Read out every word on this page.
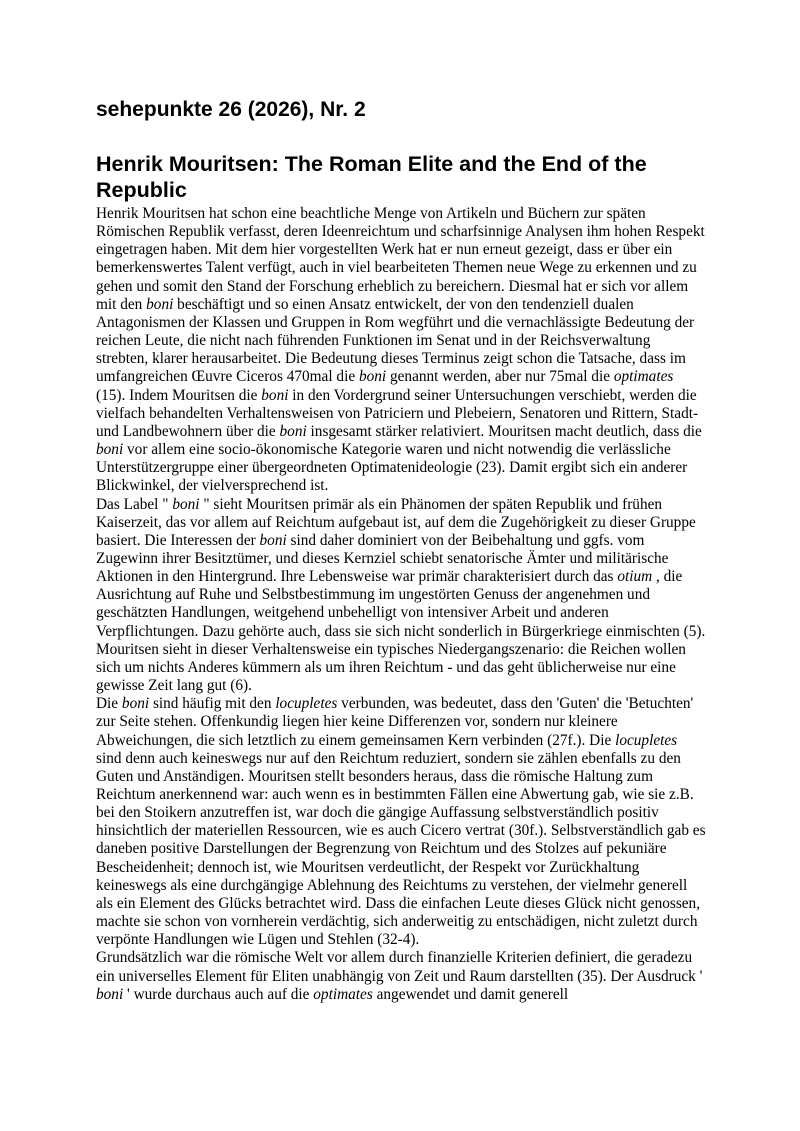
sehepunkte 26 (2026), Nr. 2
Henrik Mouritsen: The Roman Elite and the End of the Republic

Henrik Mouritsen hat schon eine beachtliche Menge von Artikeln und Büchern zur späten Römischen Republik verfasst, deren Ideenreichtum und scharfsinnige Analysen ihm hohen Respekt eingetragen haben. Mit dem hier vorgestellten Werk hat er nun erneut gezeigt, dass er über ein bemerkenswertes Talent verfügt, auch in viel bearbeiteten Themen neue Wege zu erkennen und zu gehen und somit den Stand der Forschung erheblich zu bereichern. Diesmal hat er sich vor allem mit den boni beschäftigt und so einen Ansatz entwickelt, der von den tendenziell dualen Antagonismen der Klassen und Gruppen in Rom wegführt und die vernachlässigte Bedeutung der reichen Leute, die nicht nach führenden Funktionen im Senat und in der Reichsverwaltung strebten, klarer herausarbeitet. Die Bedeutung dieses Terminus zeigt schon die Tatsache, dass im umfangreichen Œuvre Ciceros 470mal die boni genannt werden, aber nur 75mal die optimates (15). Indem Mouritsen die boni in den Vordergrund seiner Untersuchungen verschiebt, werden die vielfach behandelten Verhaltensweisen von Patriciern und Plebeiern, Senatoren und Rittern, Stadt- und Landbewohnern über die boni insgesamt stärker relativiert. Mouritsen macht deutlich, dass die boni vor allem eine socio-ökonomische Kategorie waren und nicht notwendig die verlässliche Unterstützergruppe einer übergeordneten Optimatenideologie (23). Damit ergibt sich ein anderer Blickwinkel, der vielversprechend ist.

Das Label " boni " sieht Mouritsen primär als ein Phänomen der späten Republik und frühen Kaiserzeit, das vor allem auf Reichtum aufgebaut ist, auf dem die Zugehörigkeit zu dieser Gruppe basiert. Die Interessen der boni sind daher dominiert von der Beibehaltung und ggfs. vom Zugewinn ihrer Besitztümer, und dieses Kernziel schiebt senatorische Ämter und militärische Aktionen in den Hintergrund. Ihre Lebensweise war primär charakterisiert durch das otium , die Ausrichtung auf Ruhe und Selbstbestimmung im ungestörten Genuss der angenehmen und geschätzten Handlungen, weitgehend unbehelligt von intensiver Arbeit und anderen Verpflichtungen. Dazu gehörte auch, dass sie sich nicht sonderlich in Bürgerkriege einmischten (5). Mouritsen sieht in dieser Verhaltensweise ein typisches Niedergangszenario: die Reichen wollen sich um nichts Anderes kümmern als um ihren Reichtum - und das geht üblicherweise nur eine gewisse Zeit lang gut (6).

Die boni sind häufig mit den locupletes verbunden, was bedeutet, dass den 'Guten' die 'Betuchten' zur Seite stehen. Offenkundig liegen hier keine Differenzen vor, sondern nur kleinere Abweichungen, die sich letztlich zu einem gemeinsamen Kern verbinden (27f.). Die locupletes sind denn auch keineswegs nur auf den Reichtum reduziert, sondern sie zählen ebenfalls zu den Guten und Anständigen. Mouritsen stellt besonders heraus, dass die römische Haltung zum Reichtum anerkennend war: auch wenn es in bestimmten Fällen eine Abwertung gab, wie sie z.B. bei den Stoikern anzutreffen ist, war doch die gängige Auffassung selbstverständlich positiv hinsichtlich der materiellen Ressourcen, wie es auch Cicero vertrat (30f.). Selbstverständlich gab es daneben positive Darstellungen der Begrenzung von Reichtum und des Stolzes auf pekuniäre Bescheidenheit; dennoch ist, wie Mouritsen verdeutlicht, der Respekt vor Zurückhaltung keineswegs als eine durchgängige Ablehnung des Reichtums zu verstehen, der vielmehr generell als ein Element des Glücks betrachtet wird. Dass die einfachen Leute dieses Glück nicht genossen, machte sie schon von vornherein verdächtig, sich anderweitig zu entschädigen, nicht zuletzt durch verpönte Handlungen wie Lügen und Stehlen (32-4).

Grundsätzlich war die römische Welt vor allem durch finanzielle Kriterien definiert, die geradezu ein universelles Element für Eliten unabhängig von Zeit und Raum darstellten (35). Der Ausdruck ' boni ' wurde durchaus auch auf die optimates angewendet und damit generell
